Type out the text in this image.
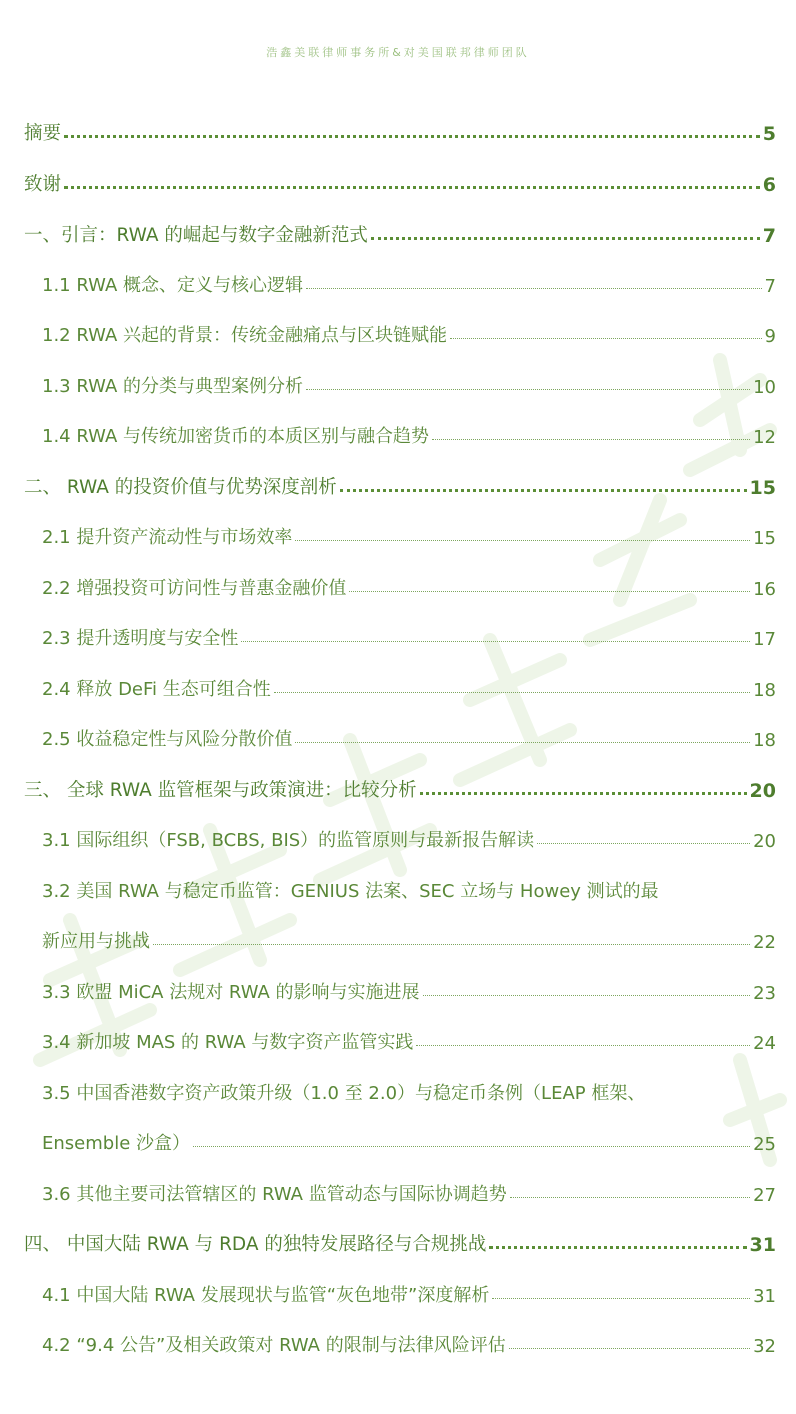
浩鑫美联律师事务所&对美国联邦律师团队
摘要	5
致谢	6
一、引言：RWA 的崛起与数字金融新范式	7
1.1 RWA 概念、定义与核心逻辑	7
1.2 RWA 兴起的背景：传统金融痛点与区块链赋能	9
1.3 RWA 的分类与典型案例分析	10
1.4 RWA 与传统加密货币的本质区别与融合趋势	12
二、 RWA 的投资价值与优势深度剖析	15
2.1 提升资产流动性与市场效率	15
2.2 增强投资可访问性与普惠金融价值	16
2.3 提升透明度与安全性	17
2.4 释放 DeFi 生态可组合性	18
2.5 收益稳定性与风险分散价值	18
三、 全球 RWA 监管框架与政策演进：比较分析	20
3.1 国际组织（FSB, BCBS, BIS）的监管原则与最新报告解读	20
3.2 美国 RWA 与稳定币监管：GENIUS 法案、SEC 立场与 Howey 测试的最
新应用与挑战	22
3.3 欧盟 MiCA 法规对 RWA 的影响与实施进展	23
3.4 新加坡 MAS 的 RWA 与数字资产监管实践	24
3.5 中国香港数字资产政策升级（1.0 至 2.0）与稳定币条例（LEAP 框架、
Ensemble 沙盒）	25
3.6 其他主要司法管辖区的 RWA 监管动态与国际协调趋势	27
四、 中国大陆 RWA 与 RDA 的独特发展路径与合规挑战	31
4.1 中国大陆 RWA 发展现状与监管“灰色地带”深度解析	31
4.2 “9.4 公告”及相关政策对 RWA 的限制与法律风险评估	32
